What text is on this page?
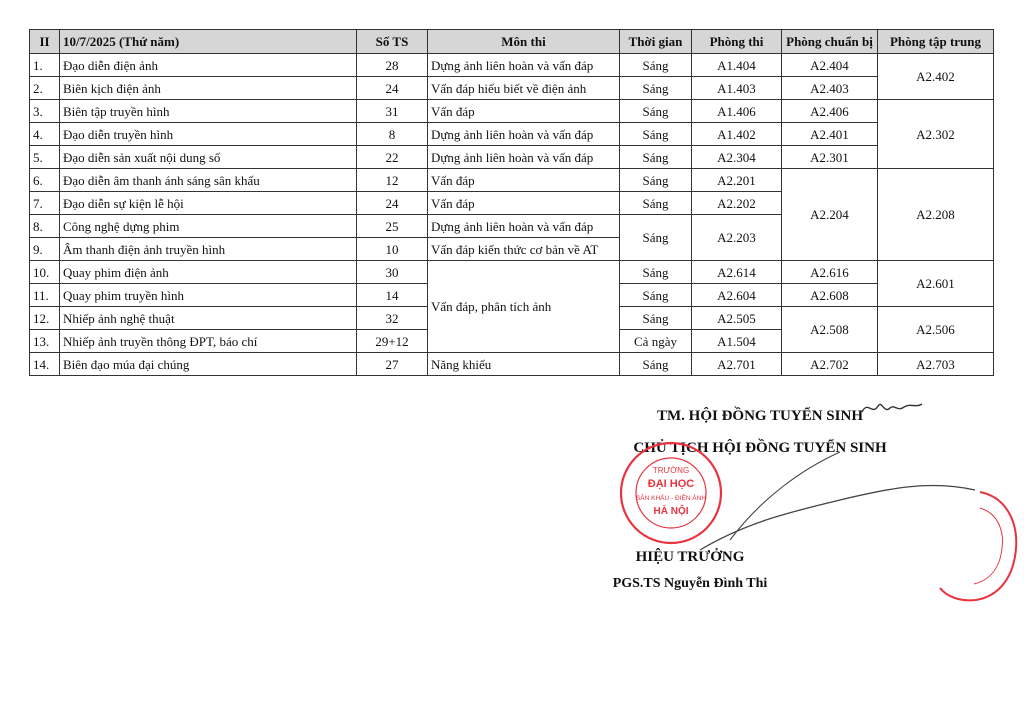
II	10/7/2025 (Thứ năm)	Số TS	Môn thi	Thời gian	Phòng thi	Phòng chuẩn bị	Phòng tập trung
1.	Đạo diễn điện ảnh	28	Dựng ảnh liên hoàn và vấn đáp	Sáng	A1.404	A2.404	A2.402
2.	Biên kịch điện ảnh	24	Vấn đáp hiểu biết về điện ảnh	Sáng	A1.403	A2.403	
3.	Biên tập truyền hình	31	Vấn đáp	Sáng	A1.406	A2.406	A2.302
4.	Đạo diễn truyền hình	8	Dựng ảnh liên hoàn và vấn đáp	Sáng	A1.402	A2.401	
5.	Đạo diễn sản xuất nội dung số	22	Dựng ảnh liên hoàn và vấn đáp	Sáng	A2.304	A2.301	
6.	Đạo diễn âm thanh ánh sáng sân khấu	12	Vấn đáp	Sáng	A2.201	A2.204	A2.208
7.	Đạo diễn sự kiện lễ hội	24	Vấn đáp	Sáng	A2.202		
8.	Công nghệ dựng phim	25	Dựng ảnh liên hoàn và vấn đáp	Sáng	A2.203		
9.	Âm thanh điện ảnh truyền hình	10	Vấn đáp kiến thức cơ bản về AT				
10.	Quay phim điện ảnh	30	Vấn đáp, phân tích ảnh	Sáng	A2.614	A2.616	A2.601
11.	Quay phim truyền hình	14		Sáng	A2.604	A2.608	
12.	Nhiếp ảnh nghệ thuật	32		Sáng	A2.505	A2.508	A2.506
13.	Nhiếp ảnh truyền thông ĐPT, báo chí	29+12		Cả ngày	A1.504		
14.	Biên đạo múa đại chúng	27	Năng khiếu	Sáng	A2.701	A2.702	A2.703
TM. HỘI ĐỒNG TUYỂN SINH
CHỦ TỊCH HỘI ĐỒNG TUYỂN SINH
TRƯỜNG
ĐẠI HỌC
SÂN KHẤU - ĐIỆN ẢNH
HÀ NỘI
HIỆU TRƯỞNG
PGS.TS Nguyễn Đình Thi
